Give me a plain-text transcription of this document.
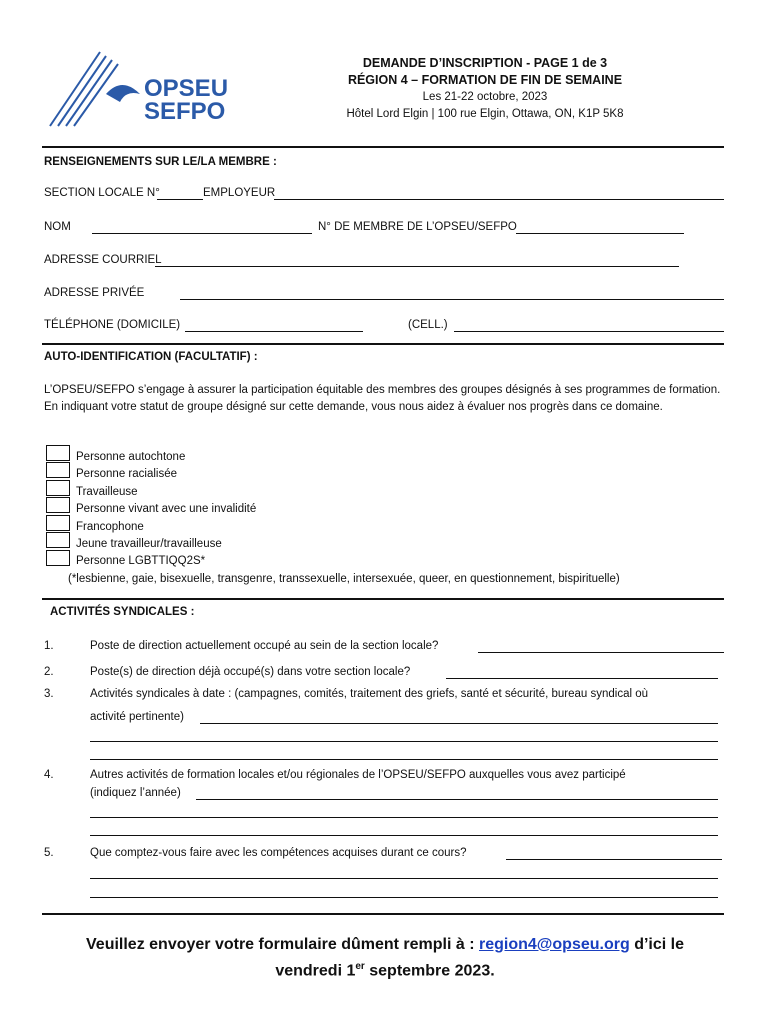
OPSEU
SEFPO
DEMANDE D’INSCRIPTION - PAGE 1 de 3
RÉGION 4 – FORMATION DE FIN DE SEMAINE
Les 21-22 octobre, 2023
Hôtel Lord Elgin | 100 rue Elgin, Ottawa, ON, K1P 5K8
RENSEIGNEMENTS SUR LE/LA MEMBRE :
SECTION LOCALE N°	EMPLOYEUR
NOM	N° DE MEMBRE DE L’OPSEU/SEFPO
ADRESSE COURRIEL
ADRESSE PRIVÉE
TÉLÉPHONE (DOMICILE)	(CELL.)
AUTO-IDENTIFICATION (FACULTATIF) :
L’OPSEU/SEFPO s’engage à assurer la participation équitable des membres des groupes désignés à ses programmes de formation. En indiquant votre statut de groupe désigné sur cette demande, vous nous aidez à évaluer nos progrès dans ce domaine.
Personne autochtone
Personne racialisée
Travailleuse
Personne vivant avec une invalidité
Francophone
Jeune travailleur/travailleuse
Personne LGBTTIQQ2S*
(*lesbienne, gaie, bisexuelle, transgenre, transsexuelle, intersexuée, queer, en questionnement, bispirituelle)
ACTIVITÉS SYNDICALES :
1.	Poste de direction actuellement occupé au sein de la section locale?
2.	Poste(s) de direction déjà occupé(s) dans votre section locale?
3.	Activités syndicales à date : (campagnes, comités, traitement des griefs, santé et sécurité, bureau syndical où
activité pertinente)
4.	Autres activités de formation locales et/ou régionales de l’OPSEU/SEFPO auxquelles vous avez participé
(indiquez l’année)
5.	Que comptez-vous faire avec les compétences acquises durant ce cours?
Veuillez envoyer votre formulaire dûment rempli à : region4@opseu.org d’ici le
vendredi 1er septembre 2023.
